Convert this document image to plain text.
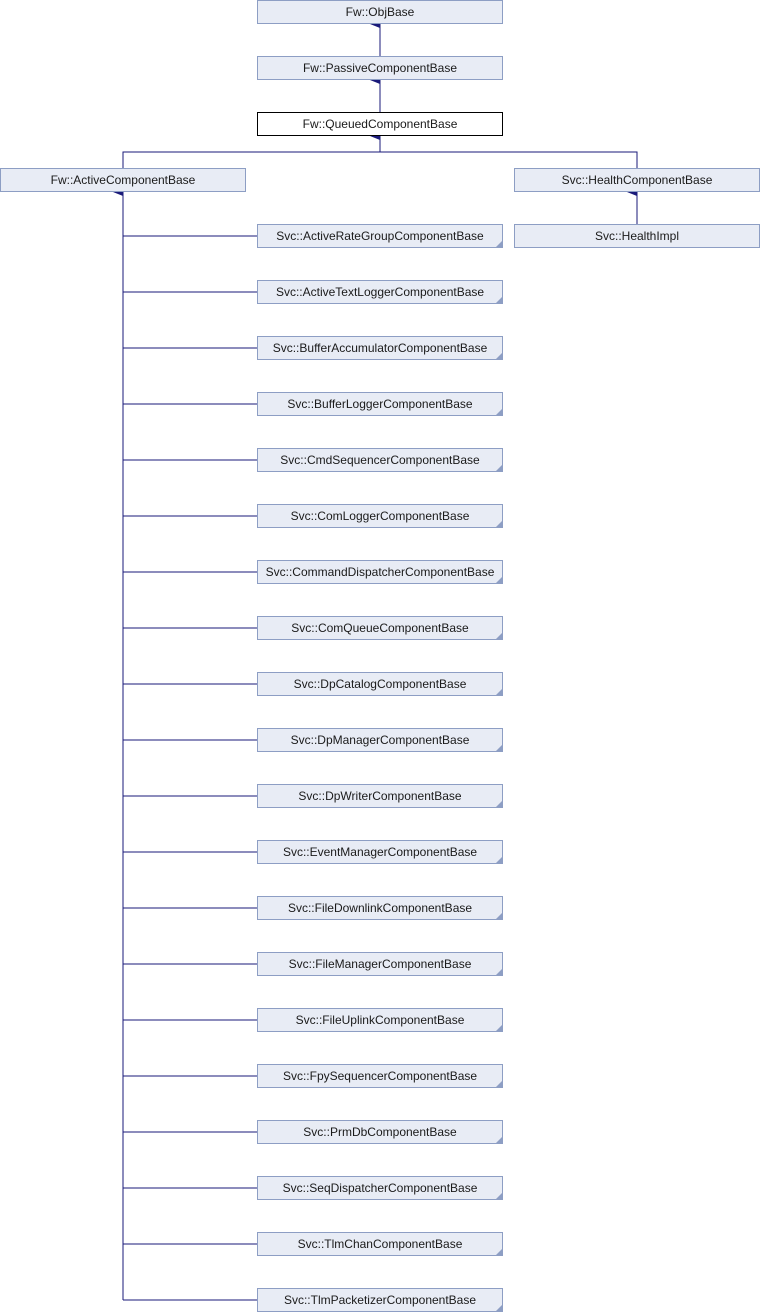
Fw::ObjBase
Fw::PassiveComponentBase
Fw::QueuedComponentBase
Fw::ActiveComponentBase	Svc::HealthComponentBase
Svc::HealthImpl
Svc::ActiveRateGroupComponentBase
Svc::ActiveTextLoggerComponentBase
Svc::BufferAccumulatorComponentBase
Svc::BufferLoggerComponentBase
Svc::CmdSequencerComponentBase
Svc::ComLoggerComponentBase
Svc::CommandDispatcherComponentBase
Svc::ComQueueComponentBase
Svc::DpCatalogComponentBase
Svc::DpManagerComponentBase
Svc::DpWriterComponentBase
Svc::EventManagerComponentBase
Svc::FileDownlinkComponentBase
Svc::FileManagerComponentBase
Svc::FileUplinkComponentBase
Svc::FpySequencerComponentBase
Svc::PrmDbComponentBase
Svc::SeqDispatcherComponentBase
Svc::TlmChanComponentBase
Svc::TlmPacketizerComponentBase
